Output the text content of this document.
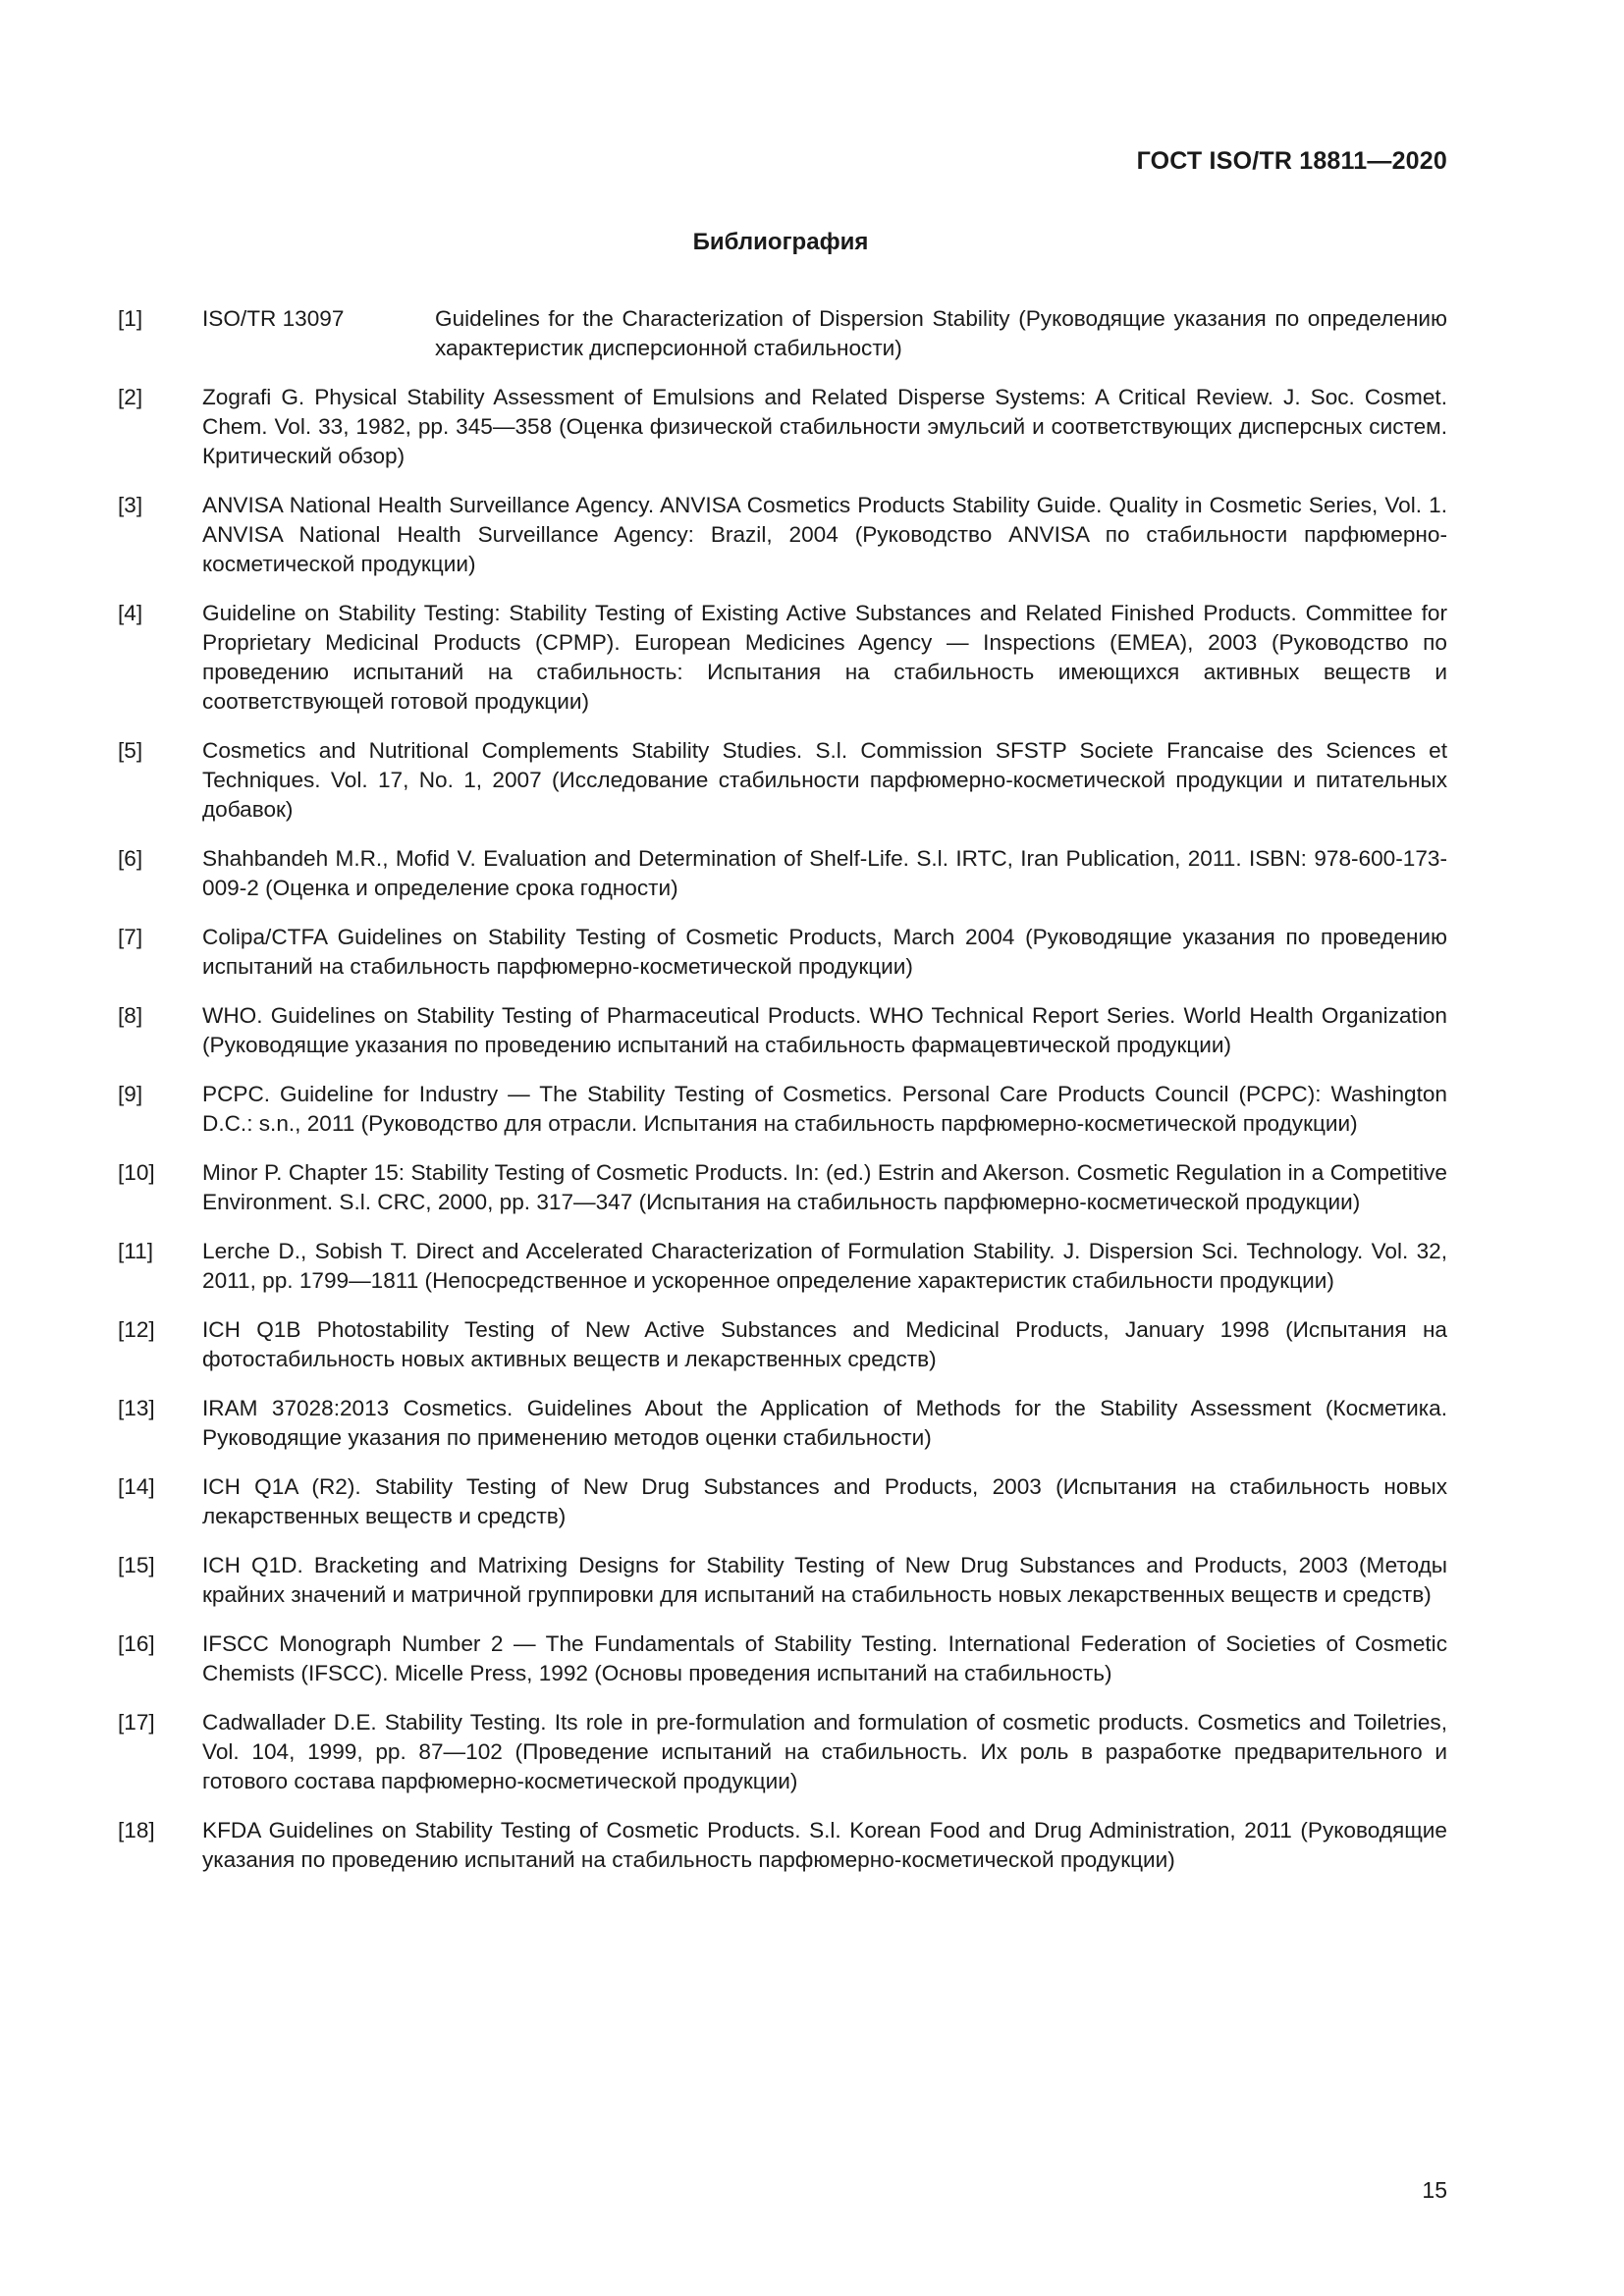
ГОСТ ISO/TR 18811—2020
Библиография
[1]	ISO/TR 13097	Guidelines for the Characterization of Dispersion Stability (Руководящие указания по определению характеристик дисперсионной стабильности)
[2]	Zografi G. Physical Stability Assessment of Emulsions and Related Disperse Systems: A Critical Review. J. Soc. Cosmet. Chem. Vol. 33, 1982, pp. 345—358 (Оценка физической стабильности эмульсий и соответствующих дисперсных систем. Критический обзор)
[3]	ANVISA National Health Surveillance Agency. ANVISA Cosmetics Products Stability Guide. Quality in Cosmetic Series, Vol. 1. ANVISA National Health Surveillance Agency: Brazil, 2004 (Руководство ANVISA по стабильности парфюмерно-косметической продукции)
[4]	Guideline on Stability Testing: Stability Testing of Existing Active Substances and Related Finished Products. Committee for Proprietary Medicinal Products (CPMP). European Medicines Agency — Inspections (EMEA), 2003 (Руководство по проведению испытаний на стабильность: Испытания на стабильность имеющихся активных веществ и соответствующей готовой продукции)
[5]	Cosmetics and Nutritional Complements Stability Studies. S.l. Commission SFSTP Societe Francaise des Sciences et Techniques. Vol. 17, No. 1, 2007 (Исследование стабильности парфюмерно-косметической продукции и питательных добавок)
[6]	Shahbandeh M.R., Mofid V. Evaluation and Determination of Shelf-Life. S.l. IRTC, Iran Publication, 2011. ISBN: 978-600-173-009-2 (Оценка и определение срока годности)
[7]	Colipa/CTFA Guidelines on Stability Testing of Cosmetic Products, March 2004 (Руководящие указания по проведению испытаний на стабильность парфюмерно-косметической продукции)
[8]	WHO. Guidelines on Stability Testing of Pharmaceutical Products. WHO Technical Report Series. World Health Organization (Руководящие указания по проведению испытаний на стабильность фармацевтической продукции)
[9]	PCPC. Guideline for Industry — The Stability Testing of Cosmetics. Personal Care Products Council (PCPC): Washington D.C.: s.n., 2011 (Руководство для отрасли. Испытания на стабильность парфюмерно-косметической продукции)
[10]	Minor P. Chapter 15: Stability Testing of Cosmetic Products. In: (ed.) Estrin and Akerson. Cosmetic Regulation in a Competitive Environment. S.l. CRC, 2000, pp. 317—347 (Испытания на стабильность парфюмерно-косметической продукции)
[11]	Lerche D., Sobish T. Direct and Accelerated Characterization of Formulation Stability. J. Dispersion Sci. Technology. Vol. 32, 2011, pp. 1799—1811 (Непосредственное и ускоренное определение характеристик стабильности продукции)
[12]	ICH Q1B Photostability Testing of New Active Substances and Medicinal Products, January 1998 (Испытания на фотостабильность новых активных веществ и лекарственных средств)
[13]	IRAM 37028:2013 Cosmetics. Guidelines About the Application of Methods for the Stability Assessment (Косметика. Руководящие указания по применению методов оценки стабильности)
[14]	ICH Q1A (R2). Stability Testing of New Drug Substances and Products, 2003 (Испытания на стабильность новых лекарственных веществ и средств)
[15]	ICH Q1D. Bracketing and Matrixing Designs for Stability Testing of New Drug Substances and Products, 2003 (Методы крайних значений и матричной группировки для испытаний на стабильность новых лекарственных веществ и средств)
[16]	IFSCC Monograph Number 2 — The Fundamentals of Stability Testing. International Federation of Societies of Cosmetic Chemists (IFSCC). Micelle Press, 1992 (Основы проведения испытаний на стабильность)
[17]	Cadwallader D.E. Stability Testing. Its role in pre-formulation and formulation of cosmetic products. Cosmetics and Toiletries, Vol. 104, 1999, pp. 87—102 (Проведение испытаний на стабильность. Их роль в разработке предварительного и готового состава парфюмерно-косметической продукции)
[18]	KFDA Guidelines on Stability Testing of Cosmetic Products. S.l. Korean Food and Drug Administration, 2011 (Руководящие указания по проведению испытаний на стабильность парфюмерно-косметической продукции)
15
